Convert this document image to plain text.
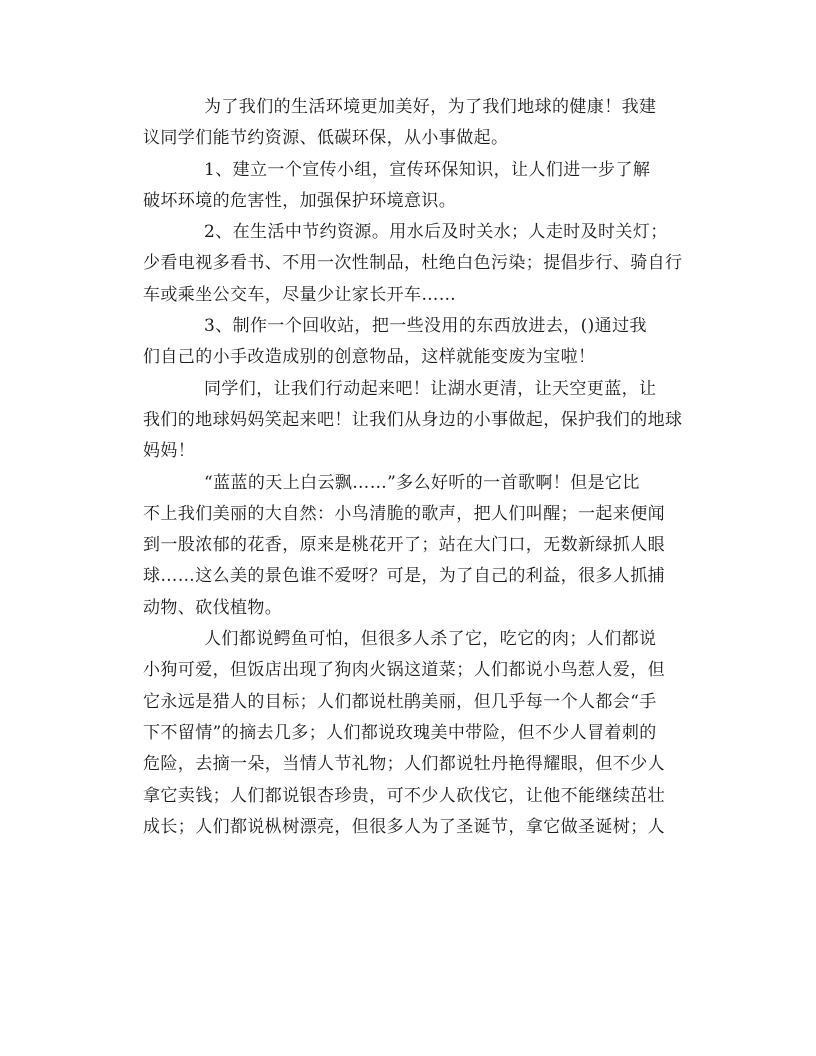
为了我们的生活环境更加美好，为了我们地球的健康！我建
议同学们能节约资源、低碳环保，从小事做起。
1、建立一个宣传小组，宣传环保知识，让人们进一步了解
破坏环境的危害性，加强保护环境意识。
2、在生活中节约资源。用水后及时关水；人走时及时关灯；
少看电视多看书、不用一次性制品，杜绝白色污染；提倡步行、骑自行
车或乘坐公交车，尽量少让家长开车……
3、制作一个回收站，把一些没用的东西放进去，()通过我
们自己的小手改造成别的创意物品，这样就能变废为宝啦！
同学们，让我们行动起来吧！让湖水更清，让天空更蓝，让
我们的地球妈妈笑起来吧！让我们从身边的小事做起，保护我们的地球
妈妈！
“蓝蓝的天上白云飘……”多么好听的一首歌啊！但是它比
不上我们美丽的大自然：小鸟清脆的歌声，把人们叫醒；一起来便闻
到一股浓郁的花香，原来是桃花开了；站在大门口，无数新绿抓人眼
球……这么美的景色谁不爱呀？可是，为了自己的利益，很多人抓捕
动物、砍伐植物。
人们都说鳄鱼可怕，但很多人杀了它，吃它的肉；人们都说
小狗可爱，但饭店出现了狗肉火锅这道菜；人们都说小鸟惹人爱，但
它永远是猎人的目标；人们都说杜鹃美丽，但几乎每一个人都会“手
下不留情”的摘去几多；人们都说玫瑰美中带险，但不少人冒着刺的
危险，去摘一朵，当情人节礼物；人们都说牡丹艳得耀眼，但不少人
拿它卖钱；人们都说银杏珍贵，可不少人砍伐它，让他不能继续茁壮
成长；人们都说枞树漂亮，但很多人为了圣诞节，拿它做圣诞树；人
